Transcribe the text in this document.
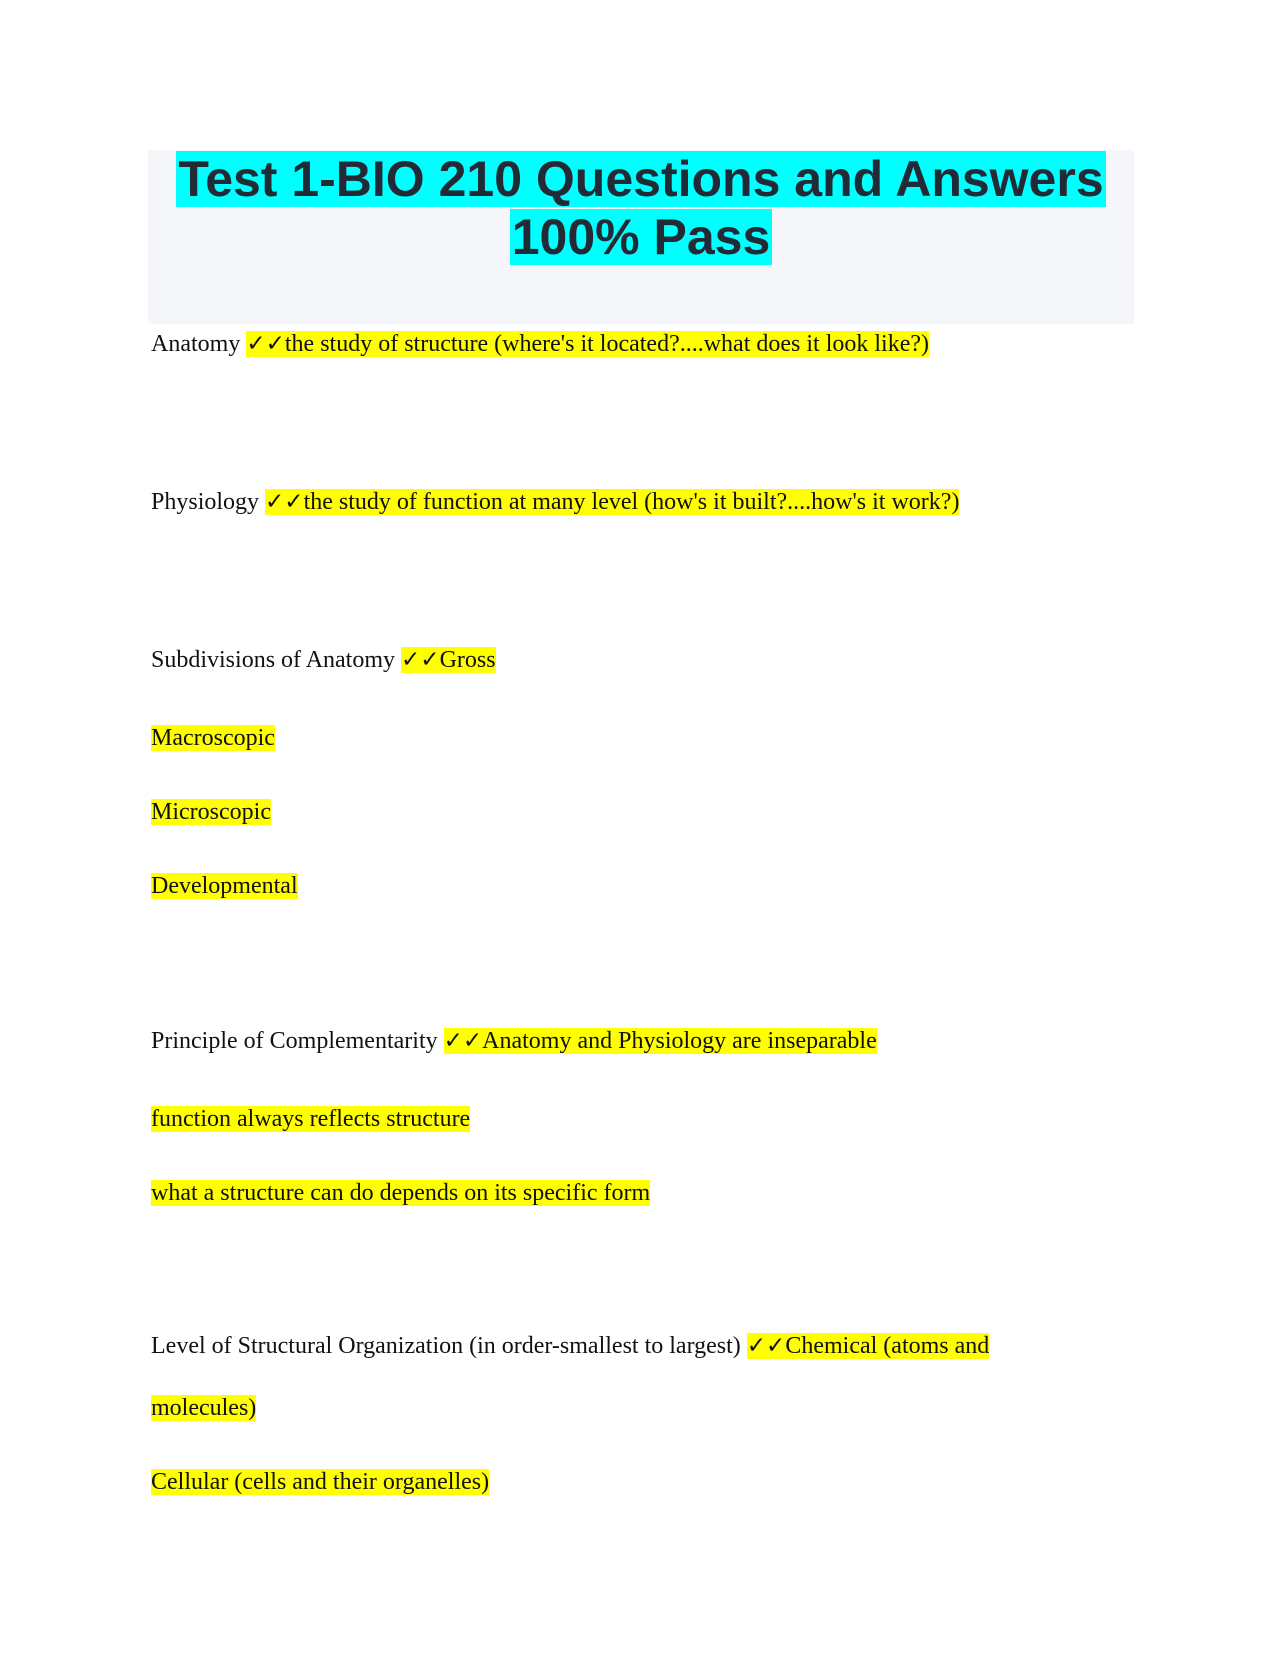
Test 1-BIO 210 Questions and Answers
100% Pass

Anatomy ✓✓the study of structure (where's it located?....what does it look like?)

Physiology ✓✓the study of function at many level (how's it built?....how's it work?)

Subdivisions of Anatomy ✓✓Gross

Macroscopic

Microscopic

Developmental

Principle of Complementarity ✓✓Anatomy and Physiology are inseparable

function always reflects structure

what a structure can do depends on its specific form

Level of Structural Organization (in order-smallest to largest) ✓✓Chemical (atoms and

molecules)

Cellular (cells and their organelles)
